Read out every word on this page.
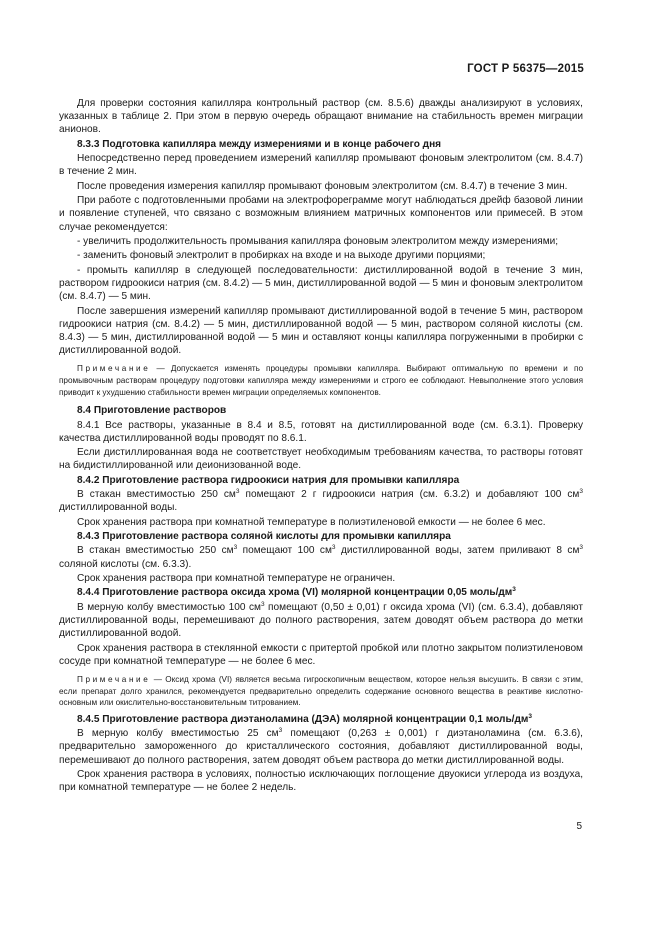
ГОСТ Р 56375—2015
Для проверки состояния капилляра контрольный раствор (см. 8.5.6) дважды анализируют в условиях, указанных в таблице 2. При этом в первую очередь обращают внимание на стабильность времен миграции анионов.
8.3.3 Подготовка капилляра между измерениями и в конце рабочего дня
Непосредственно перед проведением измерений капилляр промывают фоновым электролитом (см. 8.4.7) в течение 2 мин.
После проведения измерения капилляр промывают фоновым электролитом (см. 8.4.7) в течение 3 мин.
При работе с подготовленными пробами на электрофореграмме могут наблюдаться дрейф базовой линии и появление ступеней, что связано с возможным влиянием матричных компонентов или примесей. В этом случае рекомендуется:
- увеличить продолжительность промывания капилляра фоновым электролитом между измерениями;
- заменить фоновый электролит в пробирках на входе и на выходе другими порциями;
- промыть капилляр в следующей последовательности: дистиллированной водой в течение 3 мин, раствором гидроокиси натрия (см. 8.4.2) — 5 мин, дистиллированной водой — 5 мин и фоновым электролитом (см. 8.4.7) — 5 мин.
После завершения измерений капилляр промывают дистиллированной водой в течение 5 мин, раствором гидроокиси натрия (см. 8.4.2) — 5 мин, дистиллированной водой — 5 мин, раствором соляной кислоты (см. 8.4.3) — 5 мин, дистиллированной водой — 5 мин и оставляют концы капилляра погруженными в пробирки с дистиллированной водой.
Примечание — Допускается изменять процедуры промывки капилляра. Выбирают оптимальную по времени и по промывочным растворам процедуру подготовки капилляра между измерениями и строго ее соблюдают. Невыполнение этого условия приводит к ухудшению стабильности времен миграции определяемых компонентов.
8.4 Приготовление растворов
8.4.1 Все растворы, указанные в 8.4 и 8.5, готовят на дистиллированной воде (см. 6.3.1). Проверку качества дистиллированной воды проводят по 8.6.1.
Если дистиллированная вода не соответствует необходимым требованиям качества, то растворы готовят на бидистиллированной или деионизованной воде.
8.4.2 Приготовление раствора гидроокиси натрия для промывки капилляра
В стакан вместимостью 250 $см^3$ помещают 2 г гидроокиси натрия (см. 6.3.2) и добавляют 100 $см^3$ дистиллированной воды.
Срок хранения раствора при комнатной температуре в полиэтиленовой емкости — не более 6 мес.
8.4.3 Приготовление раствора соляной кислоты для промывки капилляра
В стакан вместимостью 250 $см^3$ помещают 100 $см^3$ дистиллированной воды, затем приливают 8 $см^3$ соляной кислоты (см. 6.3.3).
Срок хранения раствора при комнатной температуре не ограничен.
8.4.4 Приготовление раствора оксида хрома (VI) молярной концентрации 0,05 моль/$дм^3$
В мерную колбу вместимостью 100 $см^3$ помещают (0,50 ± 0,01) г оксида хрома (VI) (см. 6.3.4), добавляют дистиллированной воды, перемешивают до полного растворения, затем доводят объем раствора до метки дистиллированной водой.
Срок хранения раствора в стеклянной емкости с притертой пробкой или плотно закрытом полиэтиленовом сосуде при комнатной температуре — не более 6 мес.
Примечание — Оксид хрома (VI) является весьма гигроскопичным веществом, которое нельзя высушить. В связи с этим, если препарат долго хранился, рекомендуется предварительно определить содержание основного вещества в реактиве кислотно-основным или окислительно-восстановительным титрованием.
8.4.5 Приготовление раствора диэтаноламина (ДЭА) молярной концентрации 0,1 моль/$дм^3$
В мерную колбу вместимостью 25 $см^3$ помещают (0,263 ± 0,001) г диэтаноламина (см. 6.3.6), предварительно замороженного до кристаллического состояния, добавляют дистиллированной воды, перемешивают до полного растворения, затем доводят объем раствора до метки дистиллированной воды.
Срок хранения раствора в условиях, полностью исключающих поглощение двуокиси углерода из воздуха, при комнатной температуре — не более 2 недель.
5
